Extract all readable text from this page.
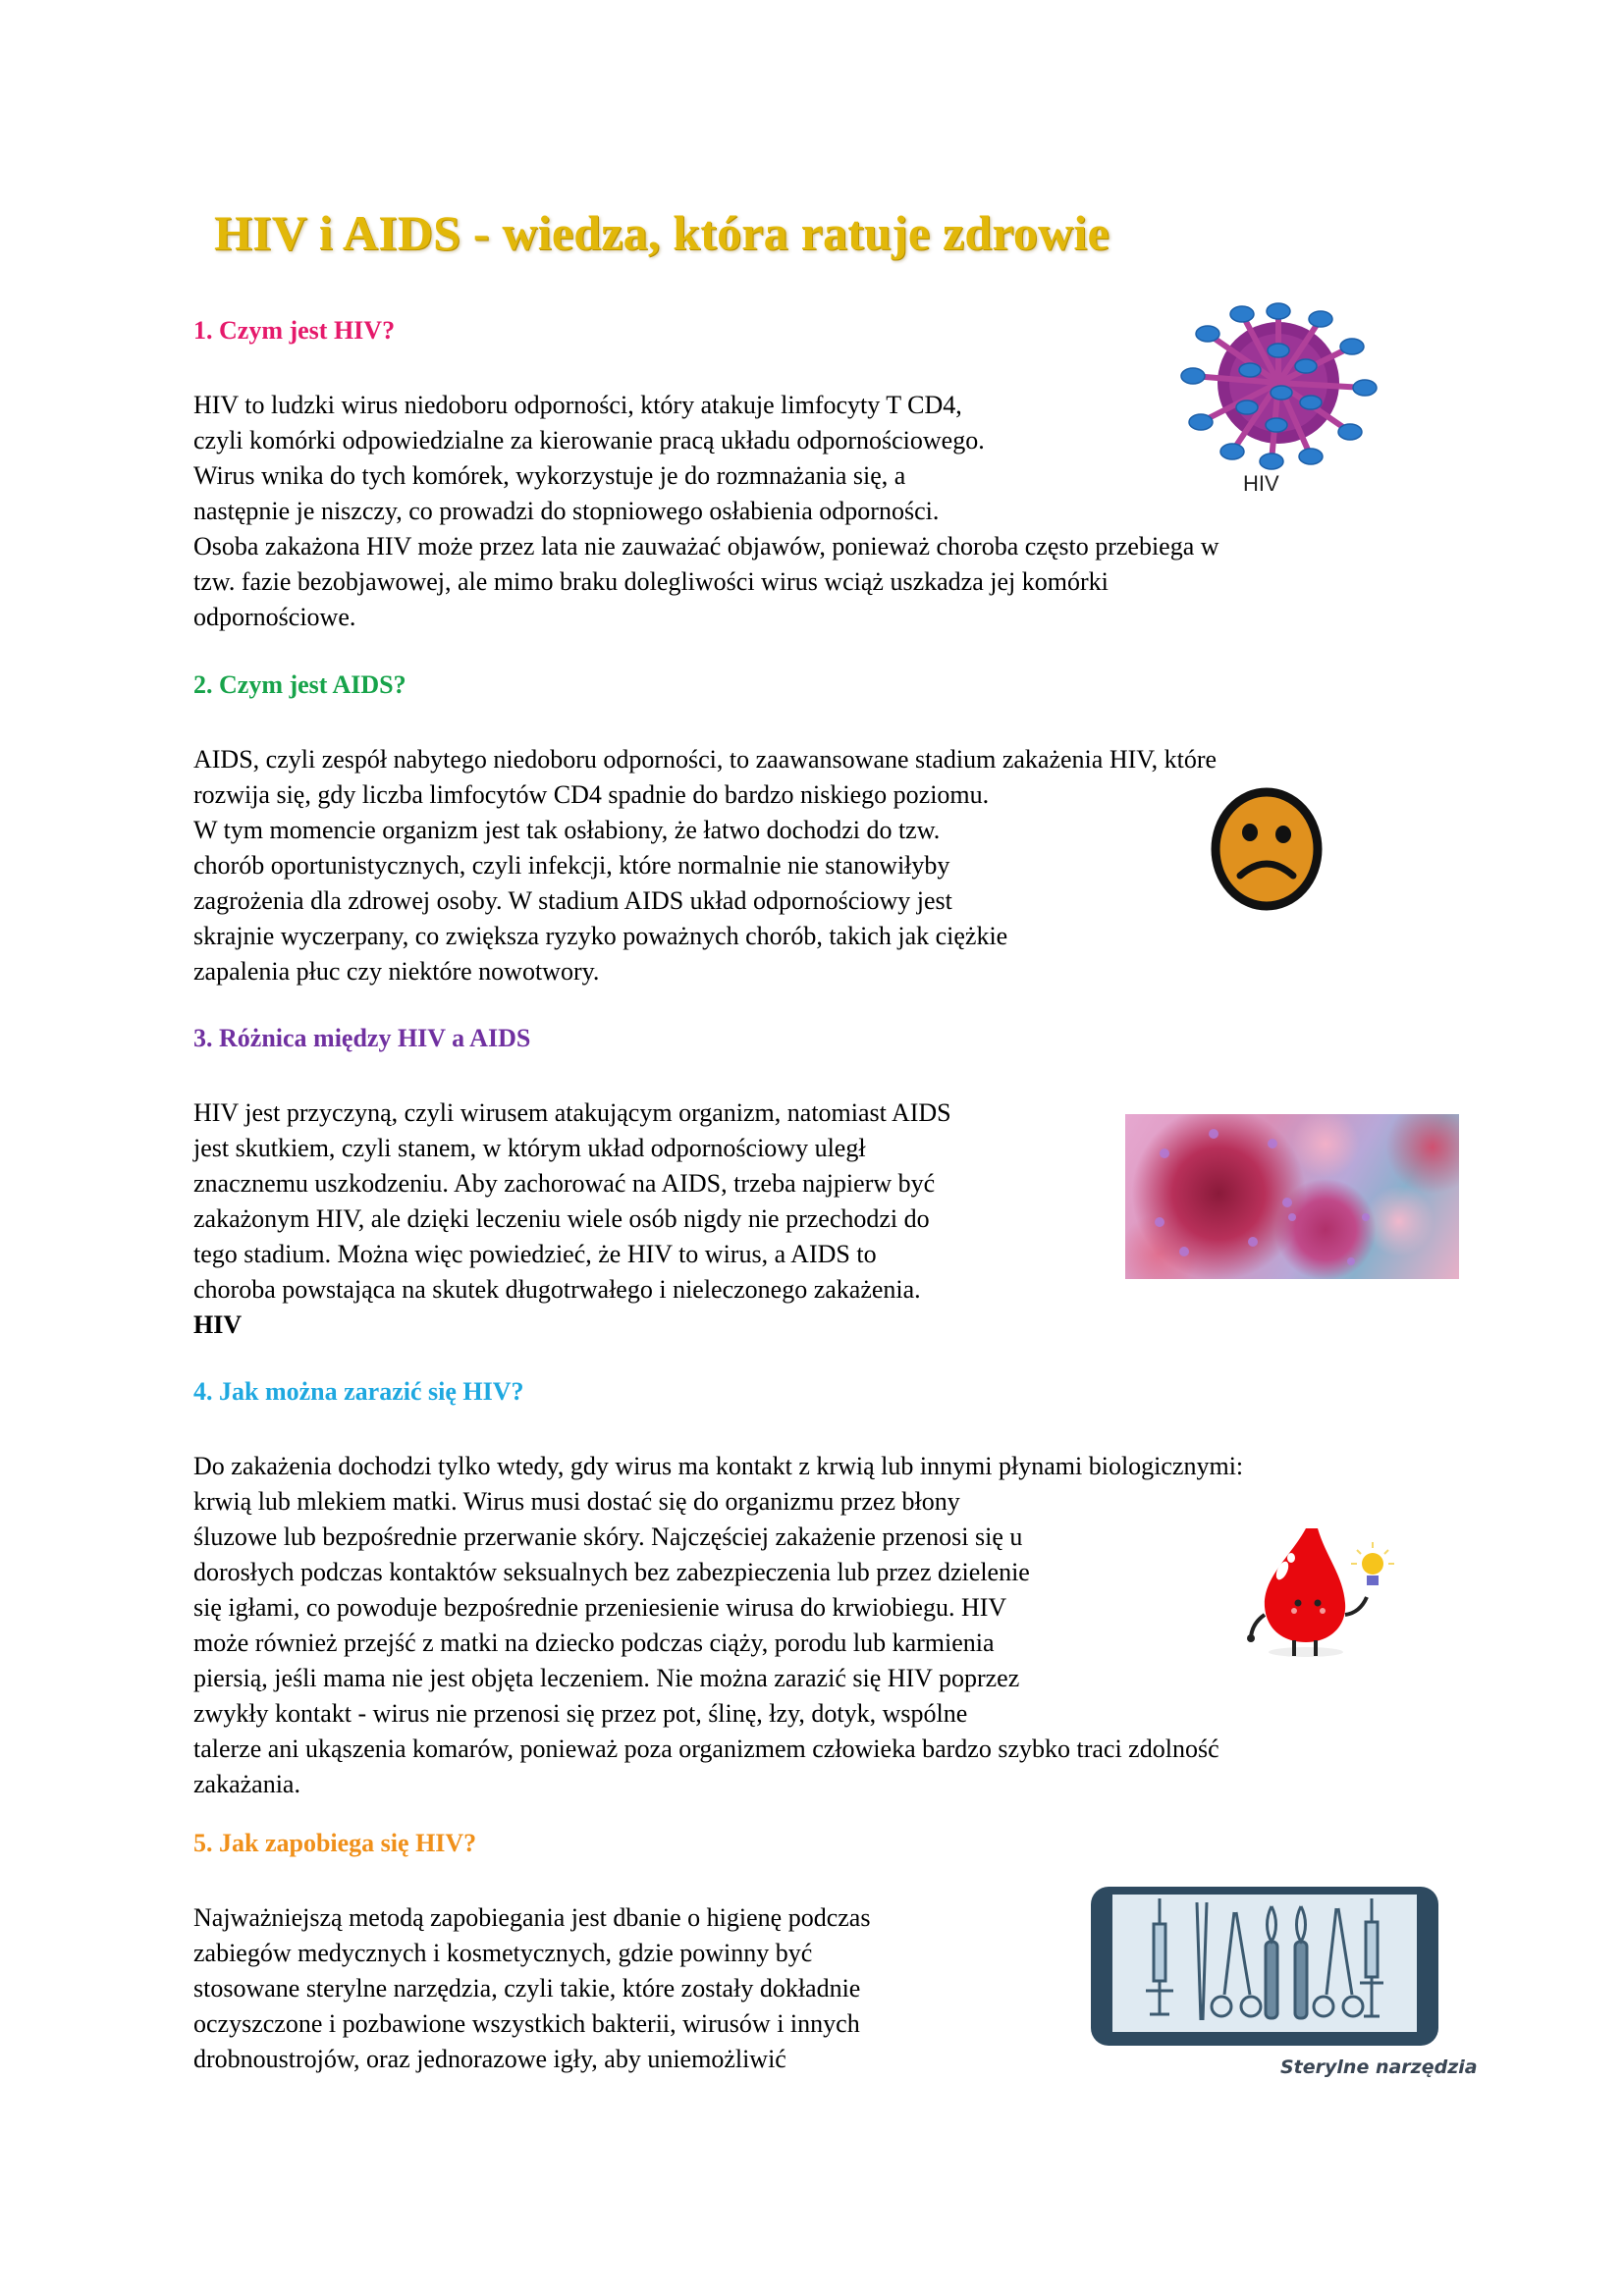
HIV i AIDS - wiedza, która ratuje zdrowie
1. Czym jest HIV?
HIV to ludzki wirus niedoboru odporności, który atakuje limfocyty T CD4,
czyli komórki odpowiedzialne za kierowanie pracą układu odpornościowego.
Wirus wnika do tych komórek, wykorzystuje je do rozmnażania się, a
następnie je niszczy, co prowadzi do stopniowego osłabienia odporności.
Osoba zakażona HIV może przez lata nie zauważać objawów, ponieważ choroba często przebiega w
tzw. fazie bezobjawowej, ale mimo braku dolegliwości wirus wciąż uszkadza jej komórki
odpornościowe.
HIV
2. Czym jest AIDS?
AIDS, czyli zespół nabytego niedoboru odporności, to zaawansowane stadium zakażenia HIV, które
rozwija się, gdy liczba limfocytów CD4 spadnie do bardzo niskiego poziomu.
W tym momencie organizm jest tak osłabiony, że łatwo dochodzi do tzw.
chorób oportunistycznych, czyli infekcji, które normalnie nie stanowiłyby
zagrożenia dla zdrowej osoby. W stadium AIDS układ odpornościowy jest
skrajnie wyczerpany, co zwiększa ryzyko poważnych chorób, takich jak ciężkie
zapalenia płuc czy niektóre nowotwory.
3. Różnica między HIV a AIDS
HIV jest przyczyną, czyli wirusem atakującym organizm, natomiast AIDS
jest skutkiem, czyli stanem, w którym układ odpornościowy uległ
znacznemu uszkodzeniu. Aby zachorować na AIDS, trzeba najpierw być
zakażonym HIV, ale dzięki leczeniu wiele osób nigdy nie przechodzi do
tego stadium. Można więc powiedzieć, że HIV to wirus, a AIDS to
choroba powstająca na skutek długotrwałego i nieleczonego zakażenia.
HIV
4. Jak można zarazić się HIV?
Do zakażenia dochodzi tylko wtedy, gdy wirus ma kontakt z krwią lub innymi płynami biologicznymi:
krwią lub mlekiem matki. Wirus musi dostać się do organizmu przez błony
śluzowe lub bezpośrednie przerwanie skóry. Najczęściej zakażenie przenosi się u
dorosłych podczas kontaktów seksualnych bez zabezpieczenia lub przez dzielenie
się igłami, co powoduje bezpośrednie przeniesienie wirusa do krwiobiegu. HIV
może również przejść z matki na dziecko podczas ciąży, porodu lub karmienia
piersią, jeśli mama nie jest objęta leczeniem. Nie można zarazić się HIV poprzez
zwykły kontakt - wirus nie przenosi się przez pot, ślinę, łzy, dotyk, wspólne
talerze ani ukąszenia komarów, ponieważ poza organizmem człowieka bardzo szybko traci zdolność
zakażania.
5. Jak zapobiega się HIV?
Najważniejszą metodą zapobiegania jest dbanie o higienę podczas
zabiegów medycznych i kosmetycznych, gdzie powinny być
stosowane sterylne narzędzia, czyli takie, które zostały dokładnie
oczyszczone i pozbawione wszystkich bakterii, wirusów i innych
drobnoustrojów, oraz jednorazowe igły, aby uniemożliwić	Sterylne narzędzia
